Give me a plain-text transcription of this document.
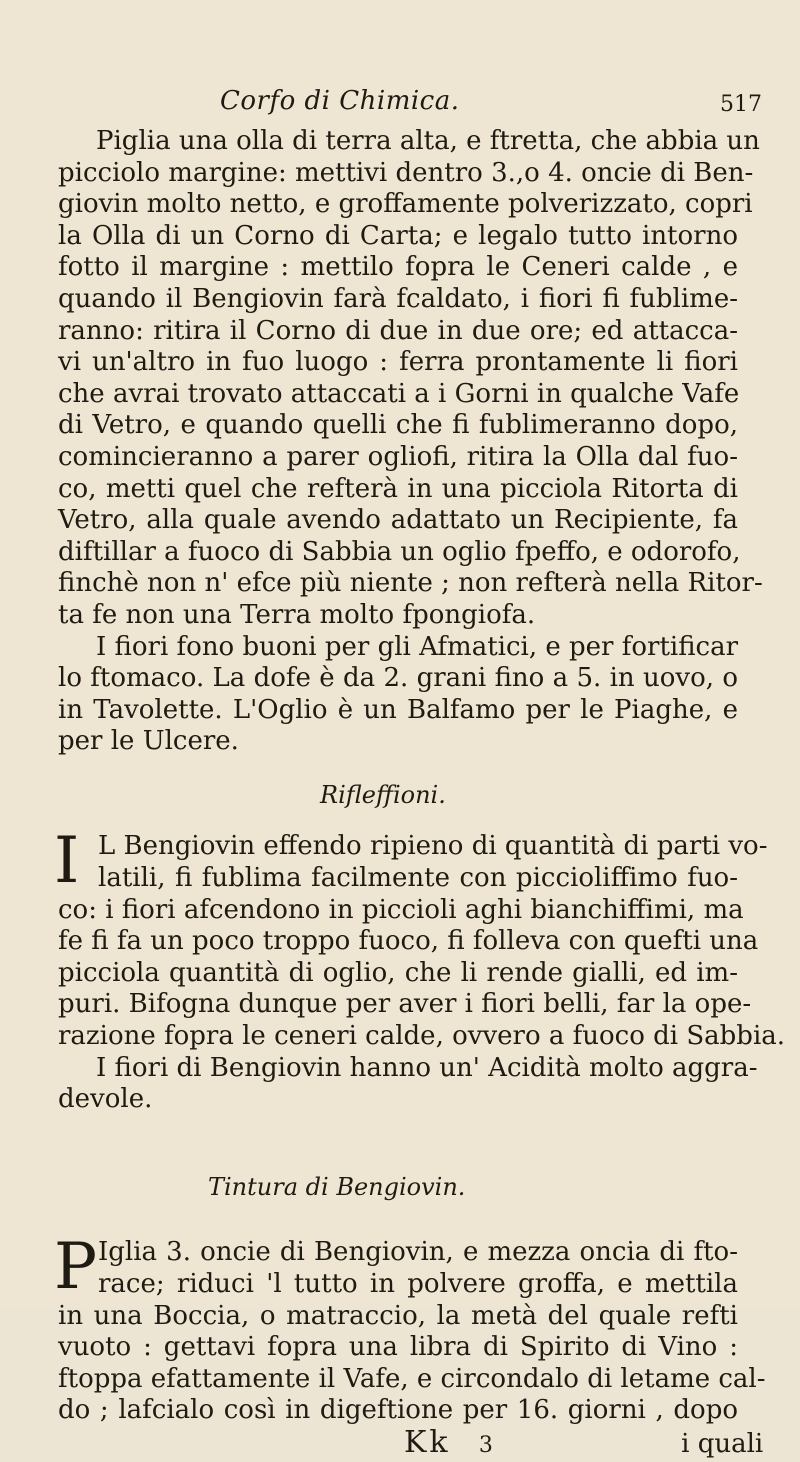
Corfo di Chimica.	517
Piglia una olla di terra alta, e ftretta, che abbia un
picciolo margine: mettivi dentro 3.,o 4. oncie di Ben-
giovin molto netto, e groffamente polverizzato, copri
la Olla di un Corno di Carta; e legalo tutto intorno
fotto il margine : mettilo fopra le Ceneri calde , e
quando il Bengiovin farà fcaldato, i fiori fi fublime-
ranno: ritira il Corno di due in due ore; ed attacca-
vi un'altro in fuo luogo : ferra prontamente li fiori
che avrai trovato attaccati a i Gorni in qualche Vafe
di Vetro, e quando quelli che fi fublimeranno dopo,
comincieranno a parer ogliofi, ritira la Olla dal fuo-
co, metti quel che refterà in una picciola Ritorta di
Vetro, alla quale avendo adattato un Recipiente, fa
diftillar a fuoco di Sabbia un oglio fpeffo, e odorofo,
finchè non n' efce più niente ; non refterà nella Ritor-
ta fe non una Terra molto fpongiofa.
I fiori fono buoni per gli Afmatici, e per fortificar
lo ftomaco. La dofe è da 2. grani fino a 5. in uovo, o
in Tavolette. L'Oglio è un Balfamo per le Piaghe, e
per le Ulcere.
Rifleffioni.
I L Bengiovin effendo ripieno di quantità di parti vo-
latili, fi fublima facilmente con piccioliffimo fuo-
co: i fiori afcendono in piccioli aghi bianchiffimi, ma
fe fi fa un poco troppo fuoco, fi folleva con quefti una
picciola quantità di oglio, che li rende gialli, ed im-
puri. Bifogna dunque per aver i fiori belli, far la ope-
razione fopra le ceneri calde, ovvero a fuoco di Sabbia.
I fiori di Bengiovin hanno un' Acidità molto aggra-
devole.
Tintura di Bengiovin.
P Iglia 3. oncie di Bengiovin, e mezza oncia di fto-
race; riduci 'l tutto in polvere groffa, e mettila
in una Boccia, o matraccio, la metà del quale refti
vuoto : gettavi fopra una libra di Spirito di Vino :
ftoppa efattamente il Vafe, e circondalo di letame cal-
do ; lafcialo così in digeftione per 16. giorni , dopo
Kk 3	i quali
